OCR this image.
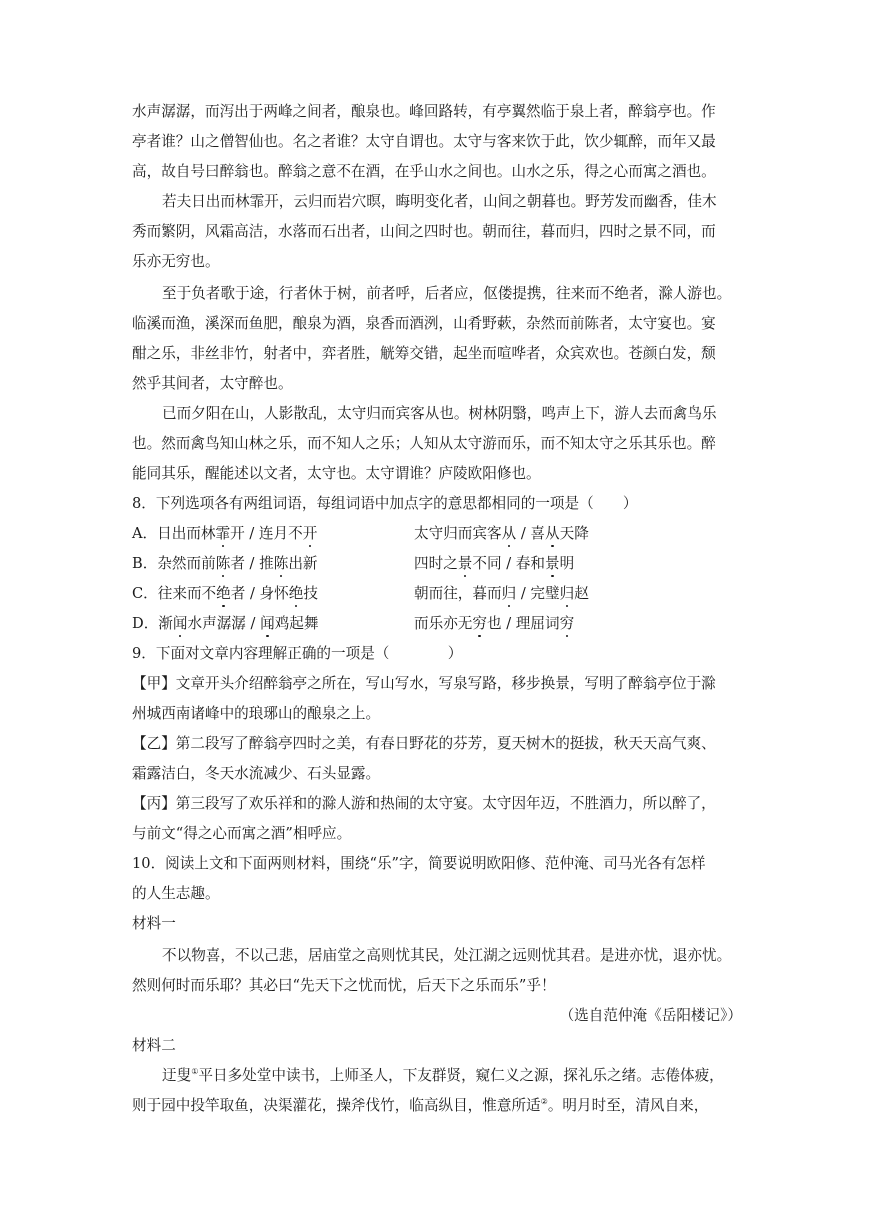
水声潺潺，而泻出于两峰之间者，酿泉也。峰回路转，有亭翼然临于泉上者，醉翁亭也。作
亭者谁？山之僧智仙也。名之者谁？太守自谓也。太守与客来饮于此，饮少辄醉，而年又最
高，故自号曰醉翁也。醉翁之意不在酒，在乎山水之间也。山水之乐，得之心而寓之酒也。
若夫日出而林霏开，云归而岩穴暝，晦明变化者，山间之朝暮也。野芳发而幽香，佳木
秀而繁阴，风霜高洁，水落而石出者，山间之四时也。朝而往，暮而归，四时之景不同，而
乐亦无穷也。
至于负者歌于途，行者休于树，前者呼，后者应，伛偻提携，往来而不绝者，滁人游也。
临溪而渔，溪深而鱼肥，酿泉为酒，泉香而酒洌，山肴野蔌，杂然而前陈者，太守宴也。宴
酣之乐，非丝非竹，射者中，弈者胜，觥筹交错，起坐而喧哗者，众宾欢也。苍颜白发，颓
然乎其间者，太守醉也。
已而夕阳在山，人影散乱，太守归而宾客从也。树林阴翳，鸣声上下，游人去而禽鸟乐
也。然而禽鸟知山林之乐，而不知人之乐；人知从太守游而乐，而不知太守之乐其乐也。醉
能同其乐，醒能述以文者，太守也。太守谓谁？庐陵欧阳修也。
8．下列选项各有两组词语，每组词语中加点字的意思都相同的一项是（　　）
A．日出而林霏开 / 连月不开	太守归而宾客从 / 喜从天降
B．杂然而前陈者 / 推陈出新	四时之景不同 / 春和景明
C．往来而不绝者 / 身怀绝技	朝而往，暮而归 / 完璧归赵
D．渐闻水声潺潺 / 闻鸡起舞	而乐亦无穷也 / 理屈词穷
9．下面对文章内容理解正确的一项是（　　　　）
【甲】文章开头介绍醉翁亭之所在，写山写水，写泉写路，移步换景，写明了醉翁亭位于滁
州城西南诸峰中的琅琊山的酿泉之上。
【乙】第二段写了醉翁亭四时之美，有春日野花的芬芳，夏天树木的挺拔，秋天天高气爽、
霜露洁白，冬天水流减少、石头显露。
【丙】第三段写了欢乐祥和的滁人游和热闹的太守宴。太守因年迈，不胜酒力，所以醉了，
与前文“得之心而寓之酒”相呼应。
10．阅读上文和下面两则材料，围绕“乐”字，简要说明欧阳修、范仲淹、司马光各有怎样
的人生志趣。
材料一
不以物喜，不以己悲，居庙堂之高则忧其民，处江湖之远则忧其君。是进亦忧，退亦忧。
然则何时而乐耶？其必曰“先天下之忧而忧，后天下之乐而乐”乎！
（选自范仲淹《岳阳楼记》）
材料二
迂叟①平日多处堂中读书，上师圣人，下友群贤，窥仁义之源，探礼乐之绪。志倦体疲，
则于园中投竿取鱼，决渠灌花，操斧伐竹，临高纵目，惟意所适②。明月时至，清风自来，
